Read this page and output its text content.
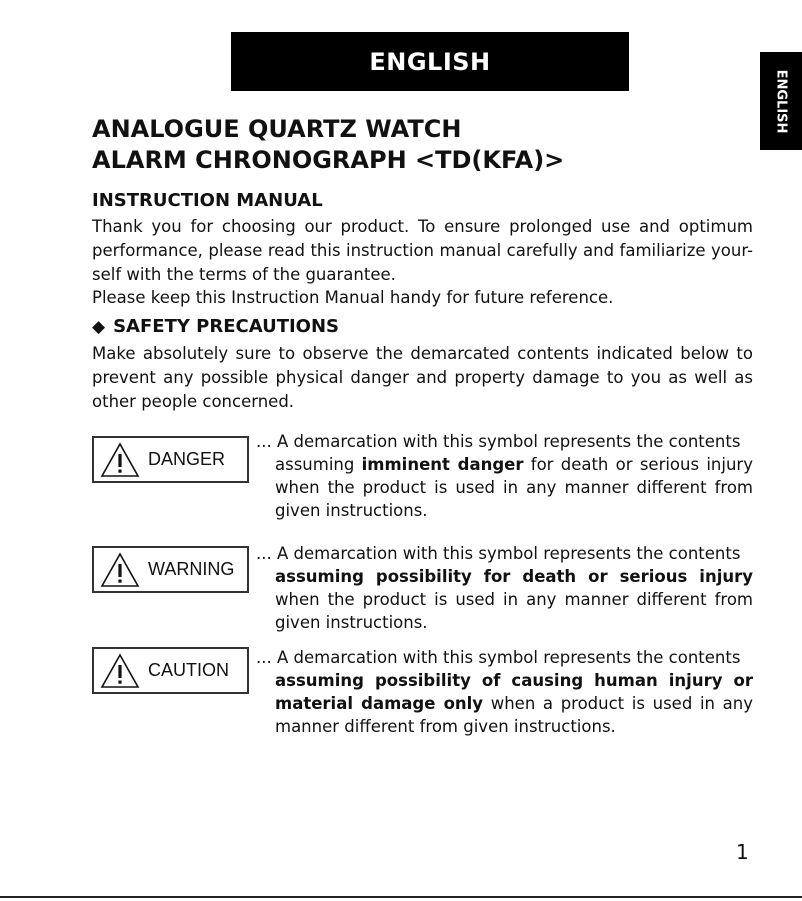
ENGLISH
ENGLISH
ANALOGUE QUARTZ WATCH
ALARM CHRONOGRAPH <TD(KFA)>
INSTRUCTION MANUAL

Thank you for choosing our product. To ensure prolonged use and optimum performance, please read this instruction manual carefully and familiarize your-self with the terms of the guarantee.

Please keep this Instruction Manual handy for future reference.

◆ SAFETY PRECAUTIONS

Make absolutely sure to observe the demarcated contents indicated below to prevent any possible physical danger and property damage to you as well as other people concerned.

DANGER

... A demarcation with this symbol represents the contents
assuming imminent danger for death or serious injury when the product is used in any manner different from given instructions.

WARNING

... A demarcation with this symbol represents the contents
assuming possibility for death or serious injury when the product is used in any manner different from given instructions.

CAUTION

... A demarcation with this symbol represents the contents
assuming possibility of causing human injury or material damage only when a product is used in any manner different from given instructions.

1
